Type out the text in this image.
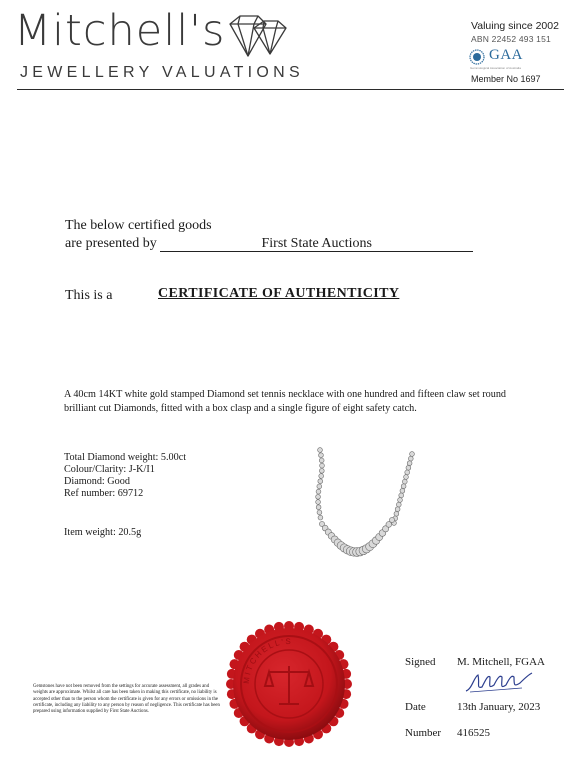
Mitchell's
JEWELLERY VALUATIONS
Valuing since 2002
ABN 22452 493 151
GAA
Gemmological Association of Australia
Member No 1697
The below certified goods
are presented by	First State Auctions
This is a	CERTIFICATE OF AUTHENTICITY
A 40cm 14KT white gold stamped Diamond set tennis necklace with one hundred and fifteen claw set round brilliant cut Diamonds, fitted with a box clasp and a single figure of eight safety catch.
Total Diamond weight: 5.00ct
Colour/Clarity: J-K/I1
Diamond: Good
Ref number: 69712
Item weight: 20.5g
MITCHELL'S
Gemstones have not been removed from the settings for accurate assessment, all grades and weights are approximate. Whilst all care has been taken in making this certificate, no liability is accepted other than to the person whom the certificate is given for any errors or omissions in the certificate, including any liability to any person by reason of negligence. This certificate has been prepared using information supplied by First State Auctions.
Signed M. Mitchell, FGAA
Date	13th January, 2023
Number 416525
